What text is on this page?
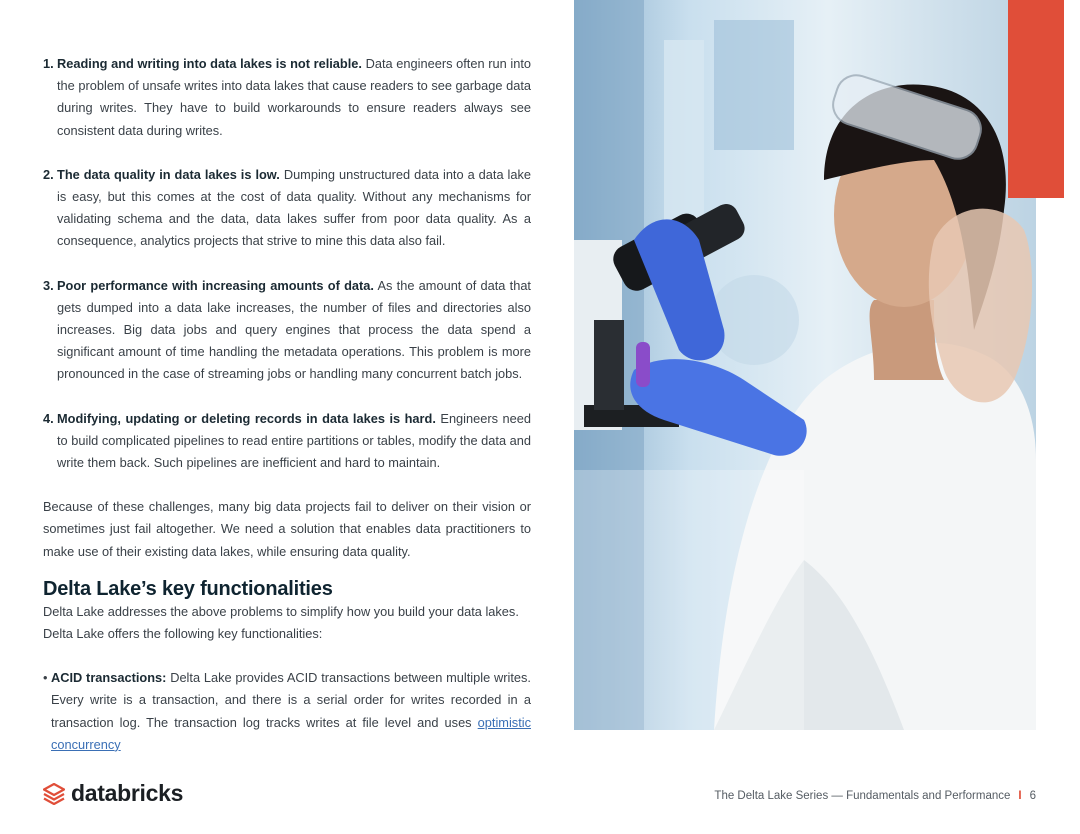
1. Reading and writing into data lakes is not reliable. Data engineers often run into the problem of unsafe writes into data lakes that cause readers to see garbage data during writes. They have to build workarounds to ensure readers always see consistent data during writes.
2. The data quality in data lakes is low. Dumping unstructured data into a data lake is easy, but this comes at the cost of data quality. Without any mechanisms for validating schema and the data, data lakes suffer from poor data quality. As a consequence, analytics projects that strive to mine this data also fail.
3. Poor performance with increasing amounts of data. As the amount of data that gets dumped into a data lake increases, the number of files and directories also increases. Big data jobs and query engines that process the data spend a significant amount of time handling the metadata operations. This problem is more pronounced in the case of streaming jobs or handling many concurrent batch jobs.
4. Modifying, updating or deleting records in data lakes is hard. Engineers need to build complicated pipelines to read entire partitions or tables, modify the data and write them back. Such pipelines are inefficient and hard to maintain.
Because of these challenges, many big data projects fail to deliver on their vision or sometimes just fail altogether. We need a solution that enables data practitioners to make use of their existing data lakes, while ensuring data quality.
Delta Lake’s key functionalities
Delta Lake addresses the above problems to simplify how you build your data lakes. Delta Lake offers the following key functionalities:
• ACID transactions: Delta Lake provides ACID transactions between multiple writes. Every write is a transaction, and there is a serial order for writes recorded in a transaction log. The transaction log tracks writes at file level and uses optimistic concurrency
databricks	The Delta Lake Series — Fundamentals and Performance I 6
